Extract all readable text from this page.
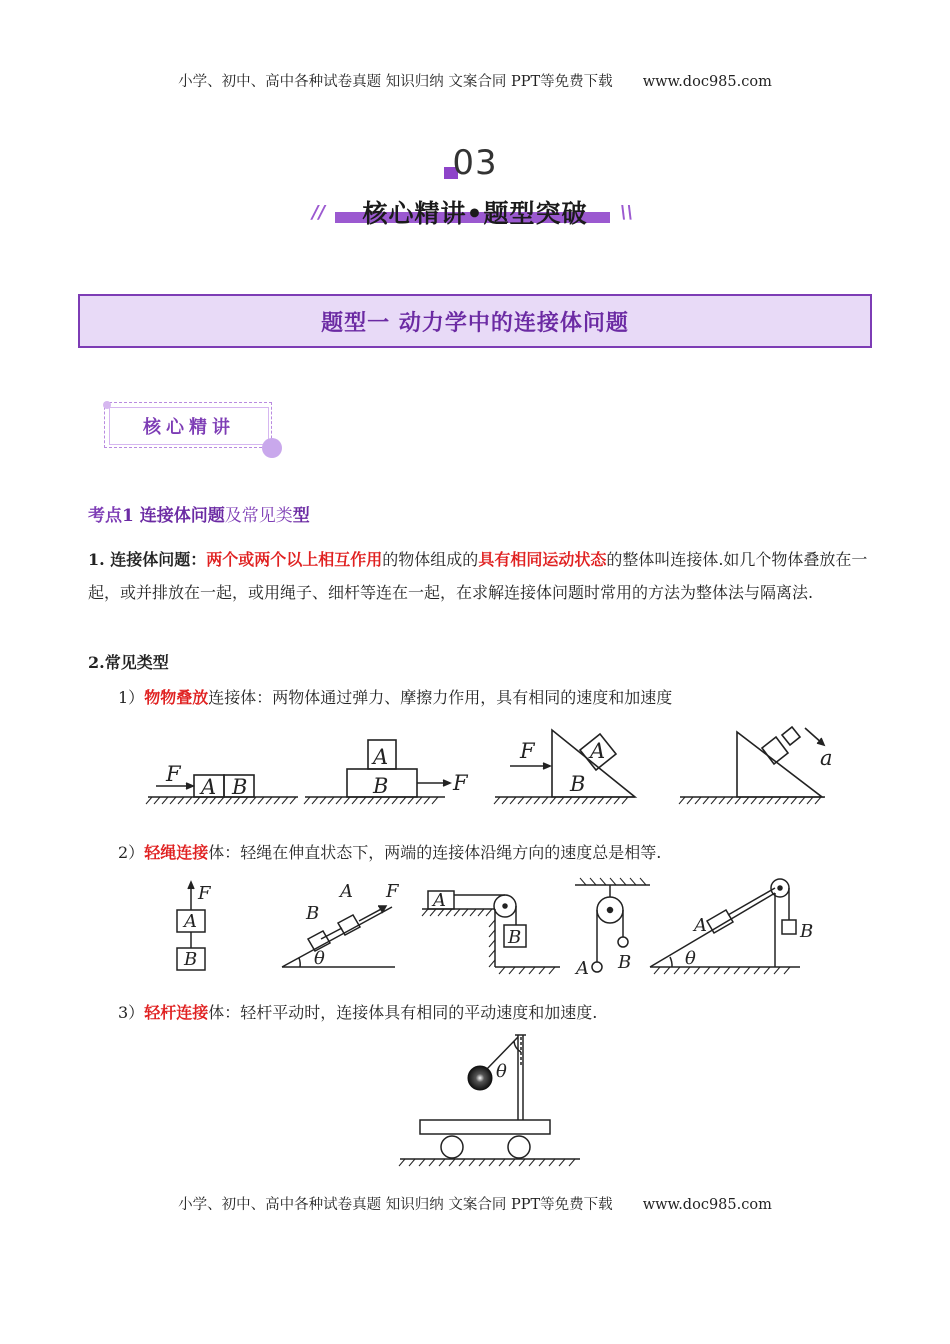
小学、初中、高中各种试卷真题 知识归纳 文案合同 PPT等免费下载 www.doc985.com
03
//	核心精讲•题型突破	\\
题型一 动力学中的连接体问题
核心精讲
考点1 连接体问题及常见类型
1. 连接体问题：两个或两个以上相互作用的物体组成的具有相同运动状态的整体叫连接体.如几个物体叠放在一起，或并排放在一起，或用绳子、细杆等连在一起，在求解连接体问题时常用的方法为整体法与隔离法.
2.常见类型
1）物物叠放连接体：两物体通过弹力、摩擦力作用，具有相同的速度和加速度
F
A B
A
B	F
F	A
B
a
2）轻绳连接体：轻绳在伸直状态下，两端的连接体沿绳方向的速度总是相等.
F
A
B
B
A F
θ
A
B
A B
A
θ
B
3）轻杆连接体：轻杆平动时，连接体具有相同的平动速度和加速度.
θ
小学、初中、高中各种试卷真题 知识归纳 文案合同 PPT等免费下载 www.doc985.com
